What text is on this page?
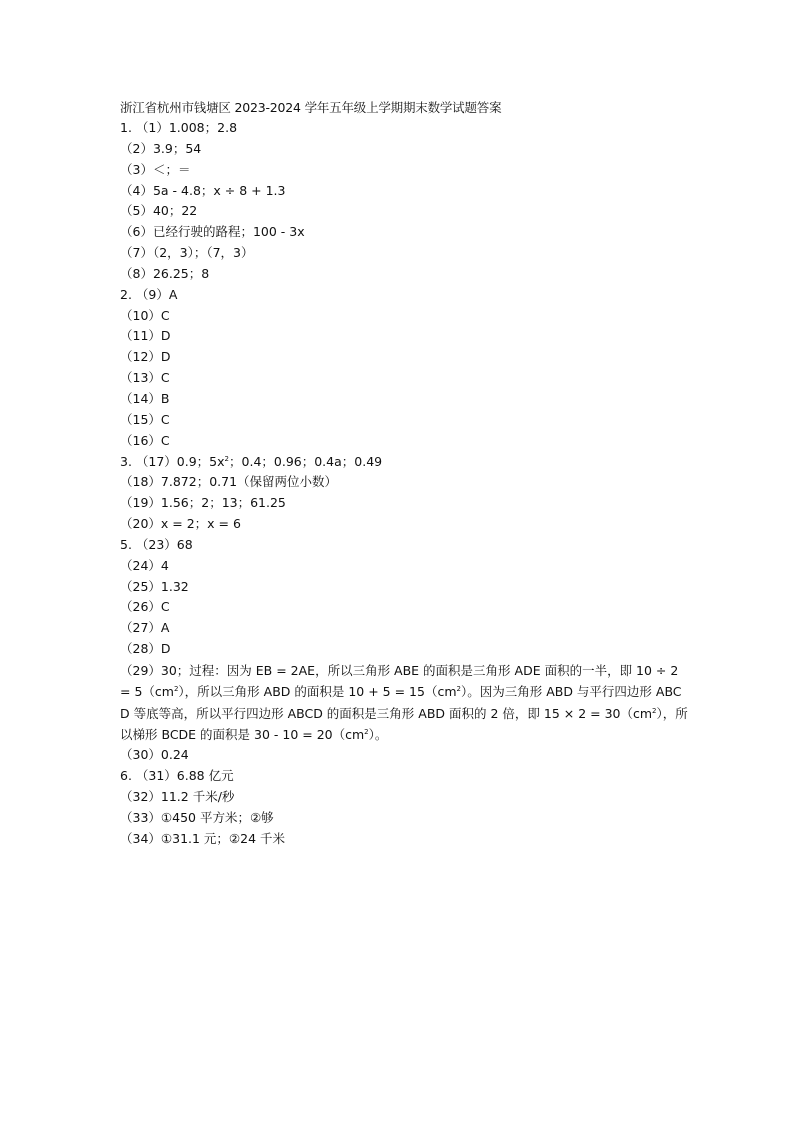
浙江省杭州市钱塘区 2023-2024 学年五年级上学期期末数学试题答案
1. （1）1.008；2.8
（2）3.9；54
（3）＜；＝
（4）5a - 4.8；x ÷ 8 + 1.3
（5）40；22
（6）已经行驶的路程；100 - 3x
（7）（2，3）；（7，3）
（8）26.25；8
2. （9）A
（10）C
（11）D
（12）D
（13）C
（14）B
（15）C
（16）C
3. （17）0.9；$5x^2$；0.4；0.96；0.4a；0.49
（18）7.872；0.71（保留两位小数）
（19）1.56；2；13；61.25
（20）x = 2；x = 6
5. （23）68
（24）4
（25）1.32
（26）C
（27）A
（28）D

（29）30；过程：因为 EB = 2AE，所以三角形 ABE 的面积是三角形 ADE 面积的一半，即 $10 \div 2 = 5(cm^2)$，所以三角形 ABD 的面积是 $10 + 5 = 15(cm^2)$。因为三角形 ABD 与平行四边形 ABCD 等底等高，所以平行四边形 ABCD 的面积是三角形 ABD 面积的 2 倍，即 $15 \times 2 = 30(cm^2)$，所以梯形 BCDE 的面积是 $30 - 10 = 20(cm^2)$。

（30）0.24
6. （31）6.88 亿元
（32）11.2 千米/秒
（33）①450 平方米；②够
（34）①31.1 元；②24 千米
